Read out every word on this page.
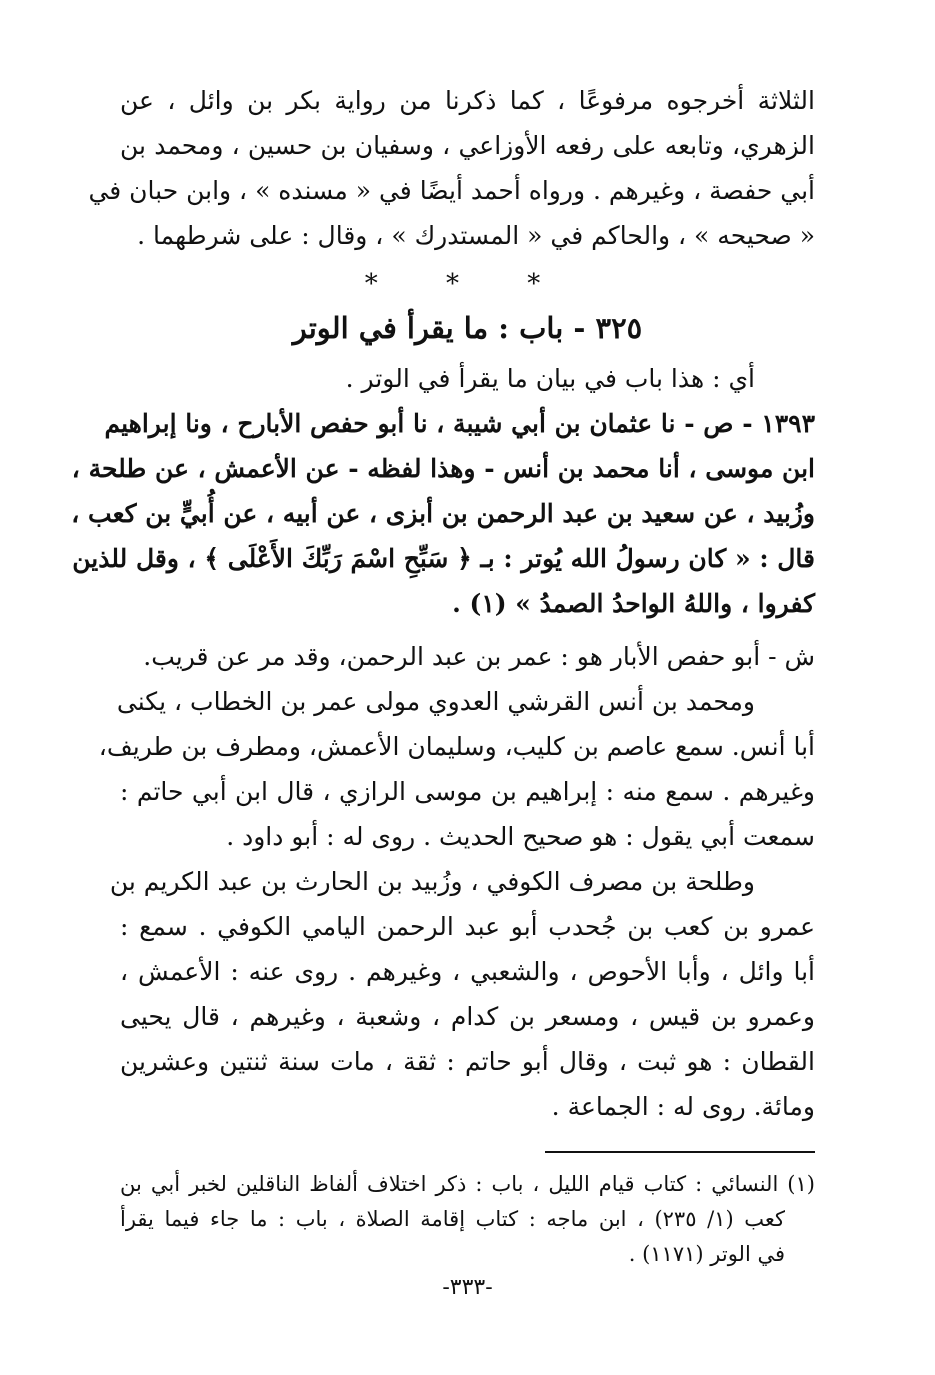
الثلاثة أخرجوه مرفوعًا ، كما ذكرنا من رواية بكر بن وائل ، عن
الزهري، وتابعه على رفعه الأوزاعي ، وسفيان بن حسين ، ومحمد بن
أبي حفصة ، وغيرهم . ورواه أحمد أيضًا في « مسنده » ، وابن حبان في
« صحيحه » ، والحاكم في « المستدرك » ، وقال : على شرطهما .
* * *
٣٢٥ - باب : ما يقرأ في الوتر
أي : هذا باب في بيان ما يقرأ في الوتر .
١٣٩٣ - ص - نا عثمان بن أبي شيبة ، نا أبو حفص الأبارح ، ونا إبراهيم
ابن موسى ، أنا محمد بن أنس - وهذا لفظه - عن الأعمش ، عن طلحة ،
وزُبيد ، عن سعيد بن عبد الرحمن بن أبزى ، عن أبيه ، عن أُبيٍّ بن كعب ،
قال : « كان رسولُ الله يُوتر : بـ ﴿ سَبِّحِ اسْمَ رَبِّكَ الأَعْلَى ﴾ ، وقل للذين
كفروا ، واللهُ الواحدُ الصمدُ » (١) .
ش - أبو حفص الأبار هو : عمر بن عبد الرحمن، وقد مر عن قريب.
ومحمد بن أنس القرشي العدوي مولى عمر بن الخطاب ، يكنى
أبا أنس. سمع عاصم بن كليب، وسليمان الأعمش، ومطرف بن طريف،
وغيرهم . سمع منه : إبراهيم بن موسى الرازي ، قال ابن أبي حاتم :
سمعت أبي يقول : هو صحيح الحديث . روى له : أبو داود .
وطلحة بن مصرف الكوفي ، وزُبيد بن الحارث بن عبد الكريم بن
عمرو بن كعب بن جُحدب أبو عبد الرحمن اليامي الكوفي . سمع :
أبا وائل ، وأبا الأحوص ، والشعبي ، وغيرهم . روى عنه : الأعمش ،
وعمرو بن قيس ، ومسعر بن كدام ، وشعبة ، وغيرهم ، قال يحيى
القطان : هو ثبت ، وقال أبو حاتم : ثقة ، مات سنة ثنتين وعشرين
ومائة. روى له : الجماعة .
(١) النسائي : كتاب قيام الليل ، باب : ذكر اختلاف ألفاظ الناقلين لخبر أبي بن
كعب (١/ ٢٣٥) ، ابن ماجه : كتاب إقامة الصلاة ، باب : ما جاء فيما يقرأ
في الوتر (١١٧١) .
-٣٣٣-
